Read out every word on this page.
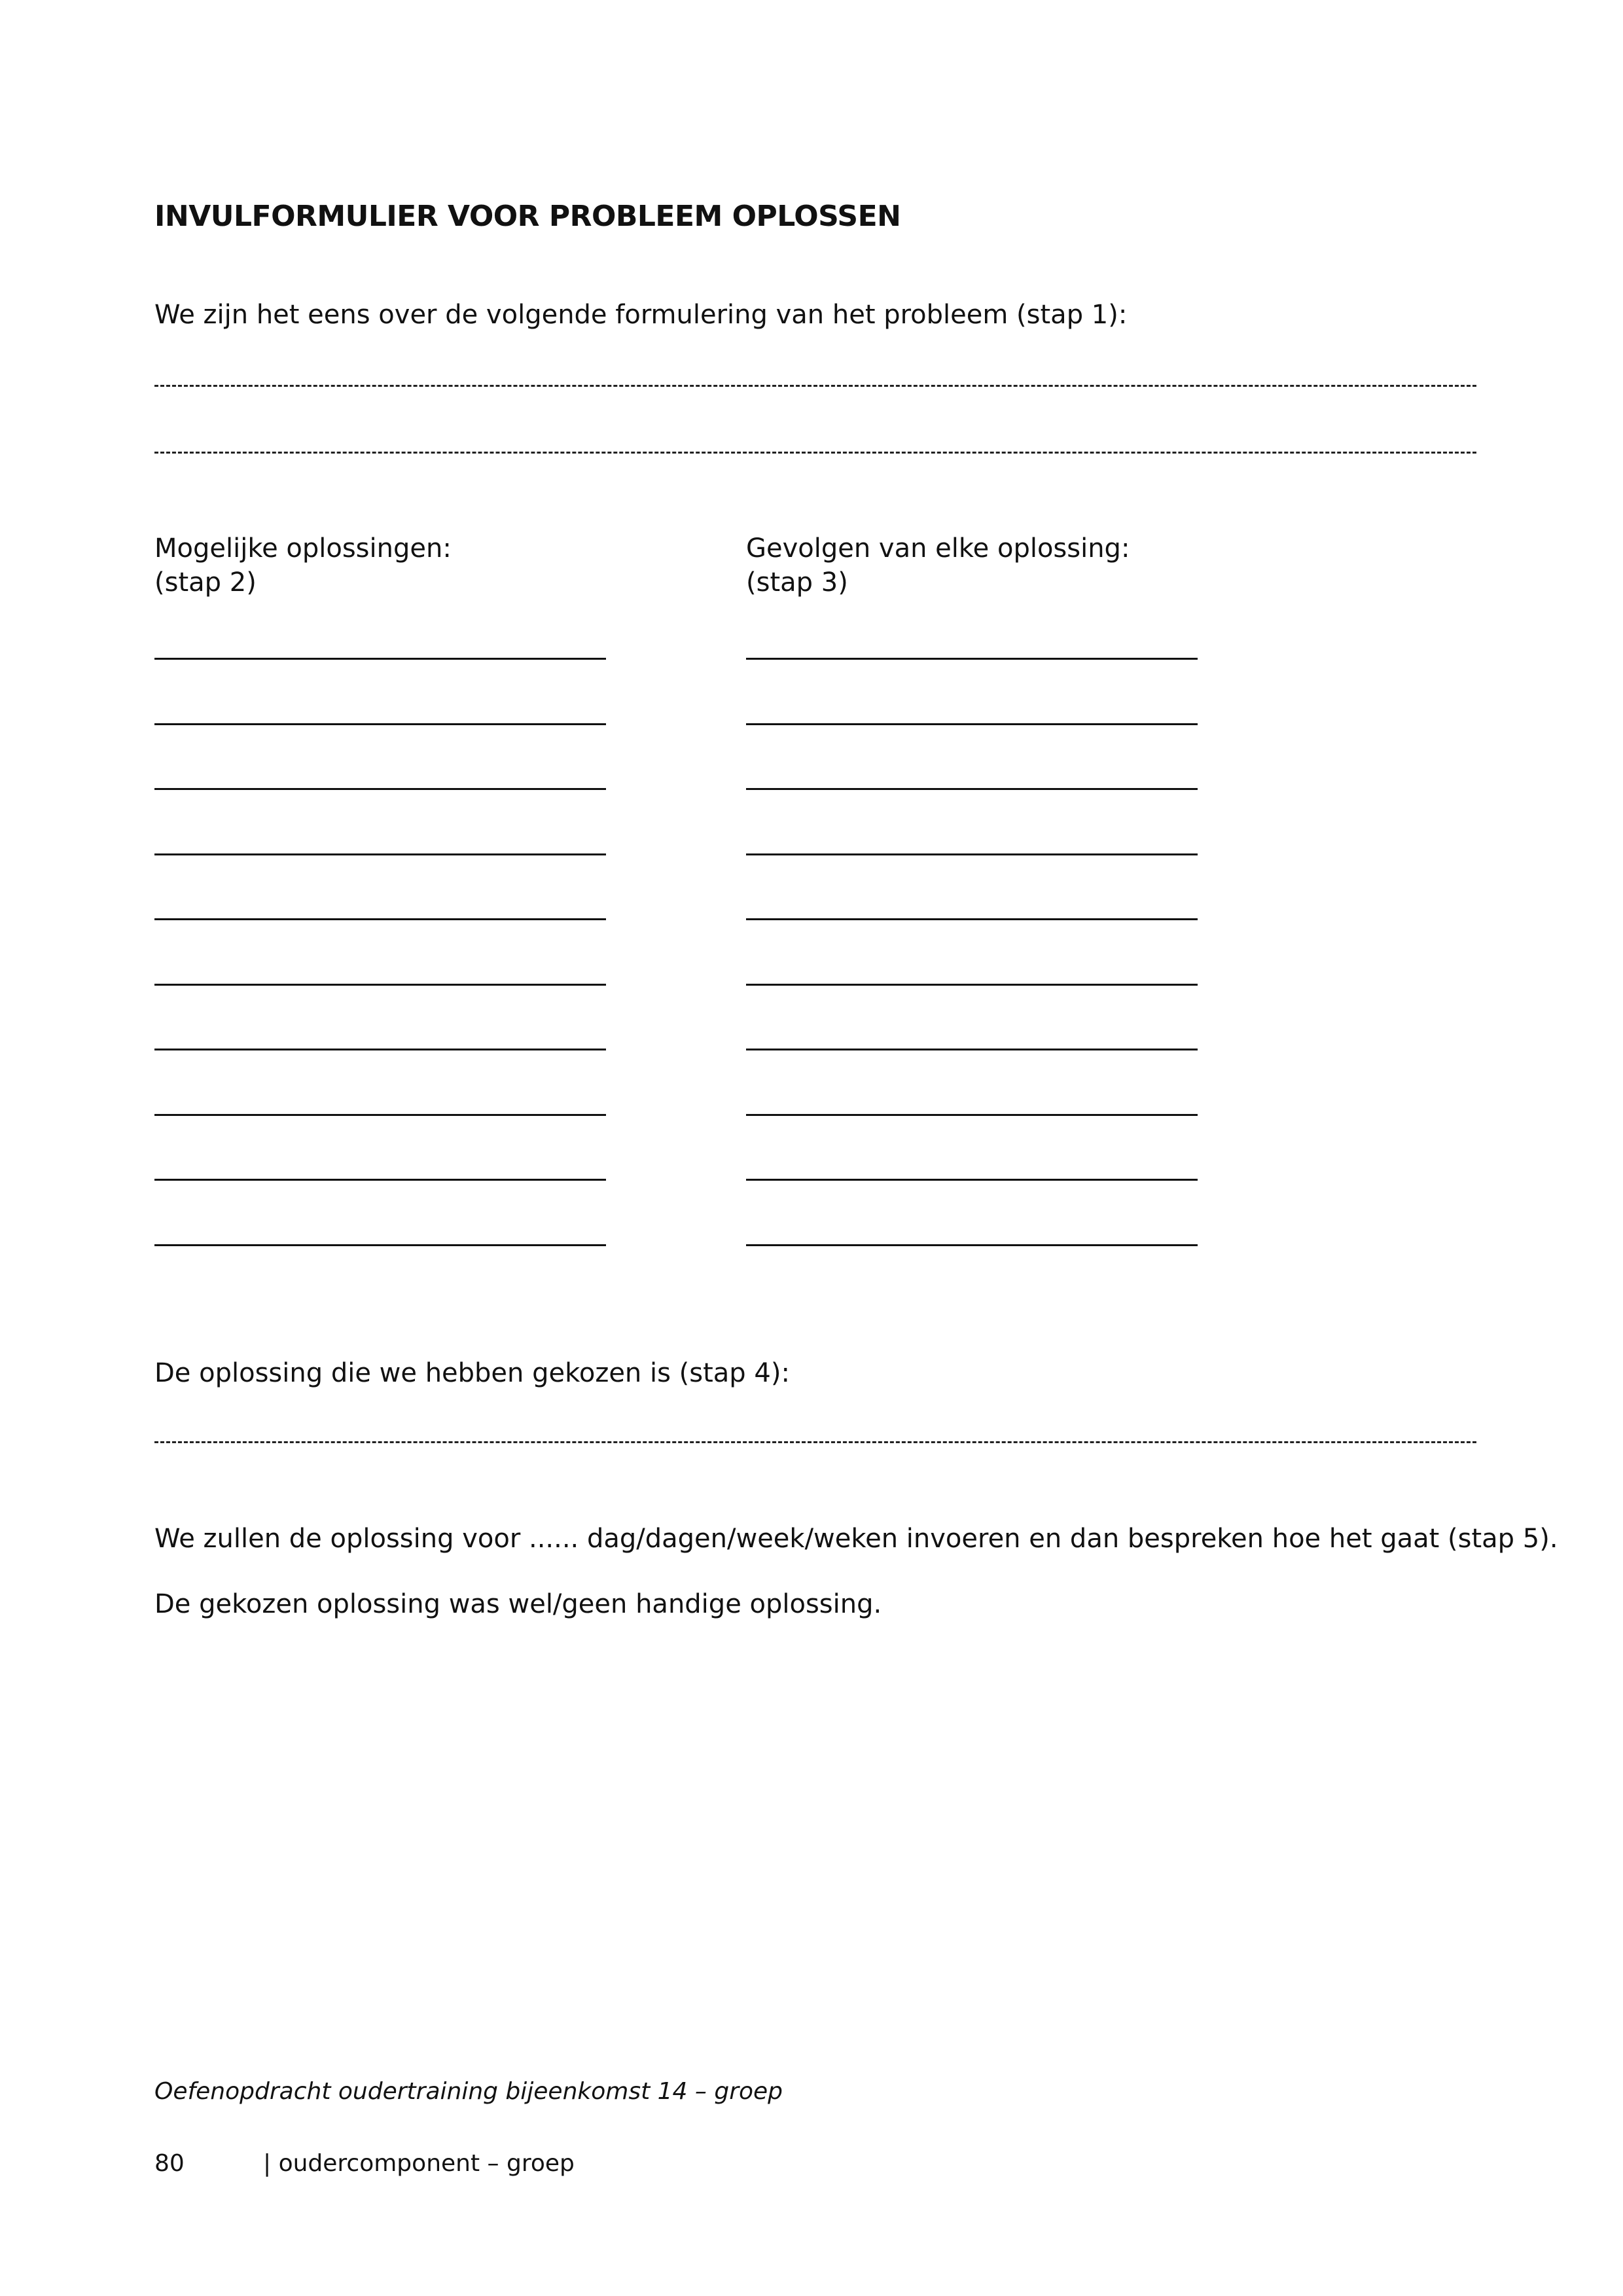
INVULFORMULIER VOOR PROBLEEM OPLOSSEN
We zijn het eens over de volgende formulering van het probleem (stap 1):
Mogelijke oplossingen:
(stap 2)
Gevolgen van elke oplossing:
(stap 3)
De oplossing die we hebben gekozen is (stap 4):
We zullen de oplossing voor ...... dag/dagen/week/weken invoeren en dan bespreken hoe het gaat (stap 5).
De gekozen oplossing was wel/geen handige oplossing.
Oefenopdracht oudertraining bijeenkomst 14 – groep
80	| oudercomponent – groep
